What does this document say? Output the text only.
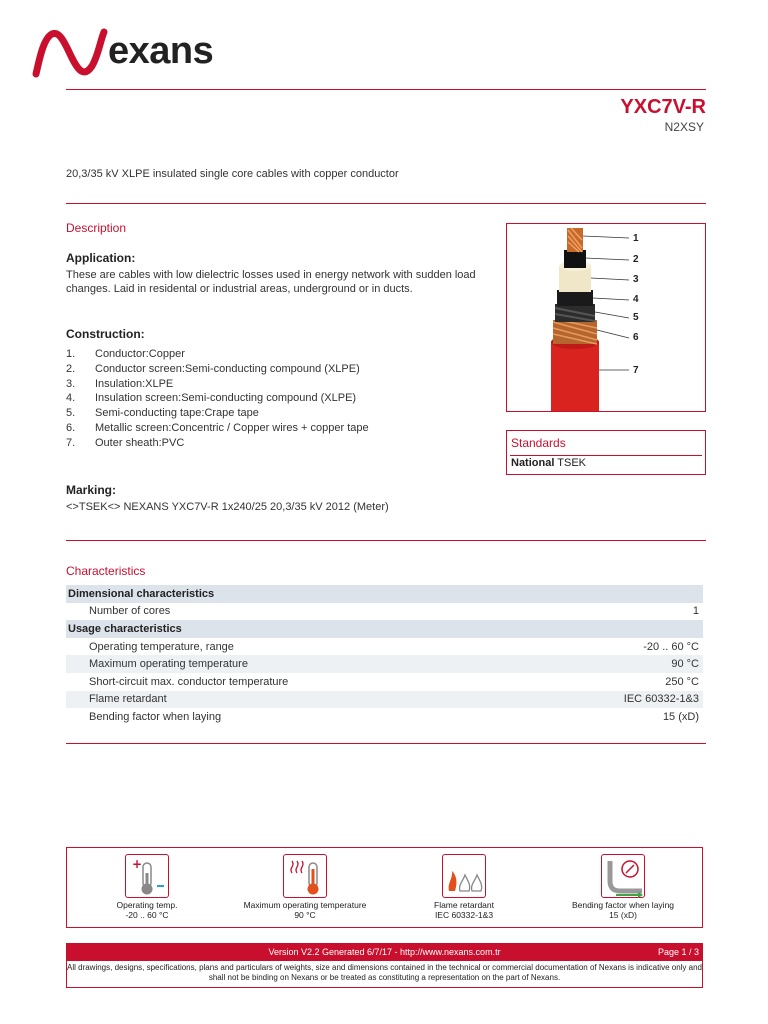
exans
YXC7V-R
N2XSY
20,3/35 kV XLPE insulated single core cables with copper conductor
Description
Application:
These are cables with low dielectric losses used in energy network with sudden load changes. Laid in residental or industrial areas, underground or in ducts.
Construction:
1.	Conductor:Copper
2.	Conductor screen:Semi-conducting compound (XLPE)
3.	Insulation:XLPE
4.	Insulation screen:Semi-conducting compound (XLPE)
5.	Semi-conducting tape:Crape tape
6.	Metallic screen:Concentric / Copper wires + copper tape
7.	Outer sheath:PVC
Marking:
<>TSEK<> NEXANS YXC7V-R 1x240/25 20,3/35 kV 2012 (Meter)
1
2
3
4
5
6
7
Standards
National TSEK
Characteristics
Dimensional characteristics
Number of cores	1
Usage characteristics
Operating temperature, range	-20 .. 60 °C
Maximum operating temperature	90 °C
Short-circuit max. conductor temperature	250 °C
Flame retardant	IEC 60332-1&3
Bending factor when laying	15 (xD)
+
Operating temp.
-20 .. 60 °C
Maximum operating temperature
90 °C
Flame retardant
IEC 60332-1&3
Bending factor when laying
15 (xD)
Version V2.2 Generated 6/7/17 - http://www.nexans.com.tr	Page 1 / 3
All drawings, designs, specifications, plans and particulars of weights, size and dimensions contained in the technical or commercial documentation of Nexans is indicative only and shall not be binding on Nexans or be treated as constituting a representation on the part of Nexans.
